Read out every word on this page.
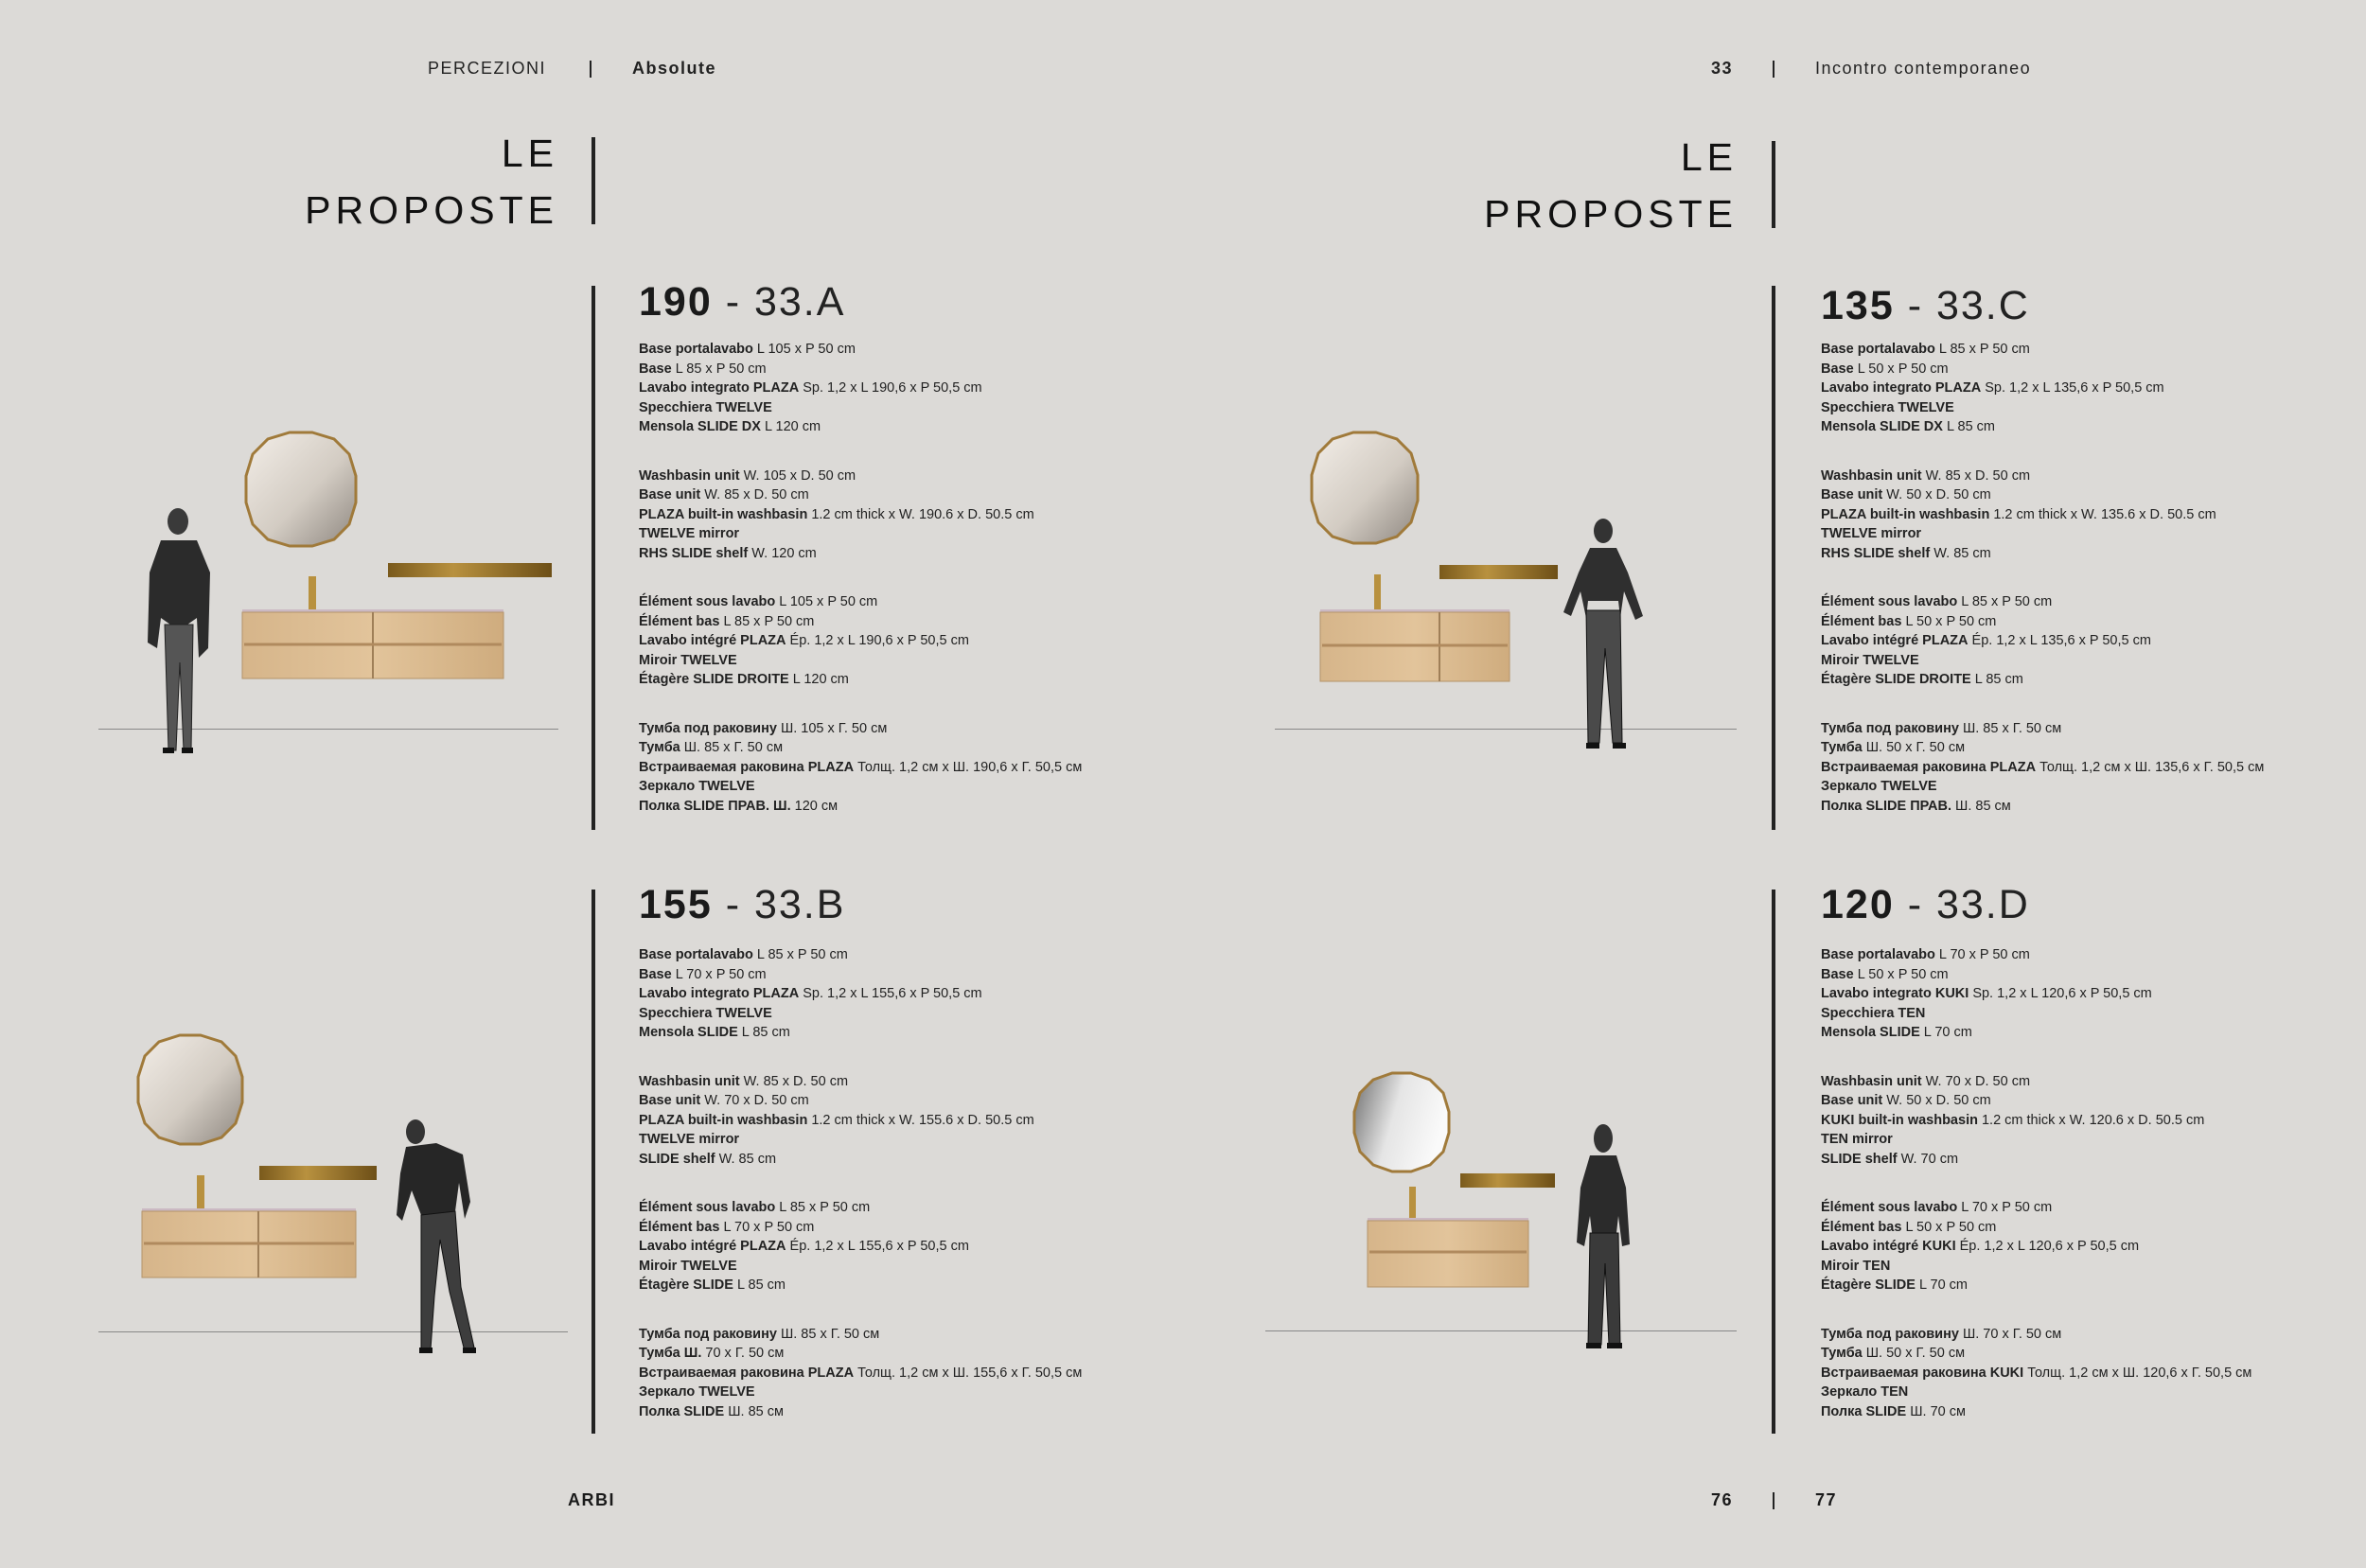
PERCEZIONI	Absolute	33	Incontro contemporaneo
LE
PROPOSTE
LE
PROPOSTE
190 - 33.A
Base portalavabo L 105 x P 50 cm
Base L 85 x P 50 cm
Lavabo integrato PLAZA Sp. 1,2 x L 190,6 x P 50,5 cm
Specchiera TWELVE
Mensola SLIDE DX L 120 cm
Washbasin unit W. 105 x D. 50 cm
Base unit W. 85 x D. 50 cm
PLAZA built-in washbasin 1.2 cm thick x W. 190.6 x D. 50.5 cm
TWELVE mirror
RHS SLIDE shelf W. 120 cm
Élément sous lavabo L 105 x P 50 cm
Élément bas L 85 x P 50 cm
Lavabo intégré PLAZA Ép. 1,2 x L 190,6 x P 50,5 cm
Miroir TWELVE
Étagère SLIDE DROITE L 120 cm
Тумба под раковину Ш. 105 х Г. 50 см
Тумба Ш. 85 х Г. 50 см
Встраиваемая раковина PLAZA Толщ. 1,2 см х Ш. 190,6 х Г. 50,5 см
Зеркало TWELVE
Полка SLIDE ПРАВ. Ш. 120 см
155 - 33.B
Base portalavabo L 85 x P 50 cm
Base L 70 x P 50 cm
Lavabo integrato PLAZA Sp. 1,2 x L 155,6 x P 50,5 cm
Specchiera TWELVE
Mensola SLIDE L 85 cm
Washbasin unit W. 85 x D. 50 cm
Base unit W. 70 x D. 50 cm
PLAZA built-in washbasin 1.2 cm thick x W. 155.6 x D. 50.5 cm
TWELVE mirror
SLIDE shelf W. 85 cm
Élément sous lavabo L 85 x P 50 cm
Élément bas L 70 x P 50 cm
Lavabo intégré PLAZA Ép. 1,2 x L 155,6 x P 50,5 cm
Miroir TWELVE
Étagère SLIDE L 85 cm
Тумба под раковину Ш. 85 х Г. 50 см
Тумба Ш. 70 х Г. 50 см
Встраиваемая раковина PLAZA Толщ. 1,2 см х Ш. 155,6 х Г. 50,5 см
Зеркало TWELVE
Полка SLIDE Ш. 85 см
135 - 33.C
Base portalavabo L 85 x P 50 cm
Base L 50 x P 50 cm
Lavabo integrato PLAZA Sp. 1,2 x L 135,6 x P 50,5 cm
Specchiera TWELVE
Mensola SLIDE DX L 85 cm
Washbasin unit W. 85 x D. 50 cm
Base unit W. 50 x D. 50 cm
PLAZA built-in washbasin 1.2 cm thick x W. 135.6 x D. 50.5 cm
TWELVE mirror
RHS SLIDE shelf W. 85 cm
Élément sous lavabo L 85 x P 50 cm
Élément bas L 50 x P 50 cm
Lavabo intégré PLAZA Ép. 1,2 x L 135,6 x P 50,5 cm
Miroir TWELVE
Étagère SLIDE DROITE L 85 cm
Тумба под раковину Ш. 85 х Г. 50 см
Тумба Ш. 50 х Г. 50 см
Встраиваемая раковина PLAZA Толщ. 1,2 см х Ш. 135,6 х Г. 50,5 см
Зеркало TWELVE
Полка SLIDE ПРАВ. Ш. 85 см
120 - 33.D
Base portalavabo L 70 x P 50 cm
Base L 50 x P 50 cm
Lavabo integrato KUKI Sp. 1,2 x L 120,6 x P 50,5 cm
Specchiera TEN
Mensola SLIDE L 70 cm
Washbasin unit W. 70 x D. 50 cm
Base unit W. 50 x D. 50 cm
KUKI built-in washbasin 1.2 cm thick x W. 120.6 x D. 50.5 cm
TEN mirror
SLIDE shelf W. 70 cm
Élément sous lavabo L 70 x P 50 cm
Élément bas L 50 x P 50 cm
Lavabo intégré KUKI Ép. 1,2 x L 120,6 x P 50,5 cm
Miroir TEN
Étagère SLIDE L 70 cm
Тумба под раковину Ш. 70 х Г. 50 см
Тумба Ш. 50 х Г. 50 см
Встраиваемая раковина KUKI Толщ. 1,2 см х Ш. 120,6 х Г. 50,5 см
Зеркало TEN
Полка SLIDE Ш. 70 см
ARBI	76	77
